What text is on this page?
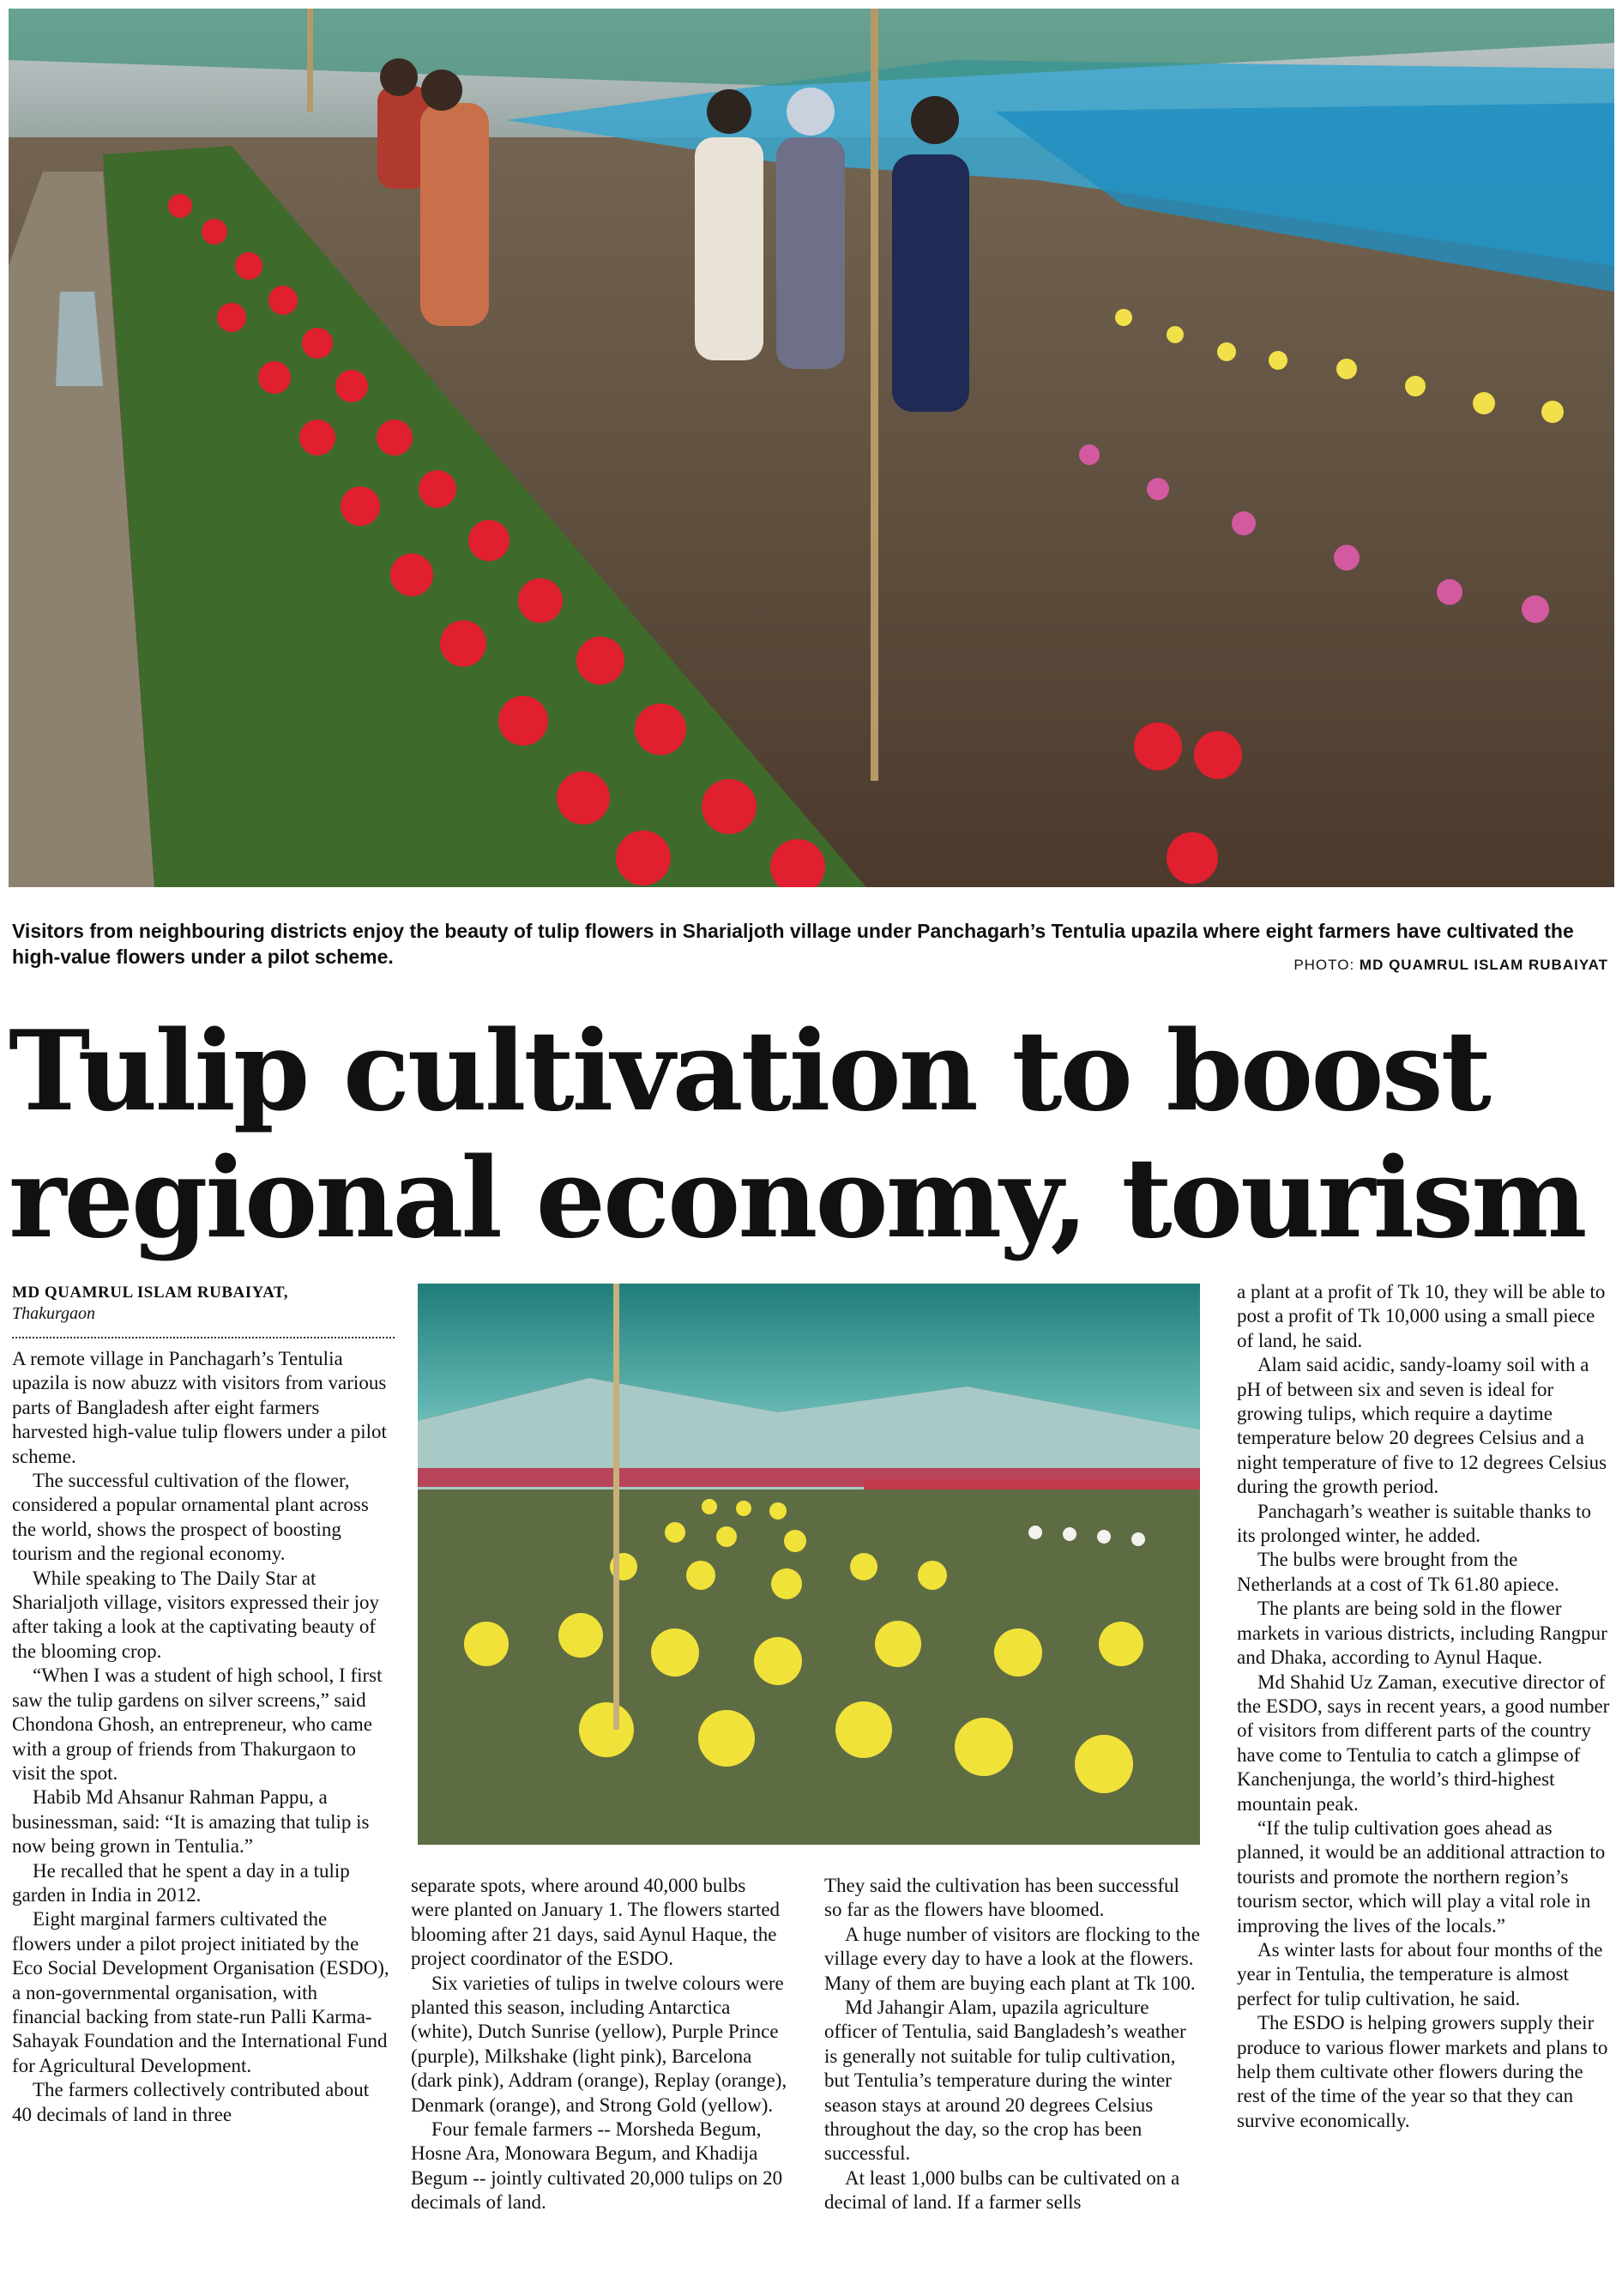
Visitors from neighbouring districts enjoy the beauty of tulip flowers in Sharialjoth village under Panchagarh’s Tentulia upazila where eight farmers have cultivated the high-value flowers under a pilot scheme.	PHOTO: MD QUAMRUL ISLAM RUBAIYAT
Tulip cultivation to boost
regional economy, tourism
MD QUAMRUL ISLAM RUBAIYAT,
Thakurgaon

A remote village in Panchagarh’s Tentulia upazila is now abuzz with visitors from various parts of Bangladesh after eight farmers harvested high-value tulip flowers under a pilot scheme.

The successful cultivation of the flower, considered a popular ornamental plant across the world, shows the prospect of boosting tourism and the regional economy.

While speaking to The Daily Star at Sharialjoth village, visitors expressed their joy after taking a look at the captivating beauty of the blooming crop.

“When I was a student of high school, I first saw the tulip gardens on silver screens,” said Chondona Ghosh, an entrepreneur, who came with a group of friends from Thakurgaon to visit the spot.

Habib Md Ahsanur Rahman Pappu, a businessman, said: “It is amazing that tulip is now being grown in Tentulia.”

He recalled that he spent a day in a tulip garden in India in 2012.

Eight marginal farmers cultivated the flowers under a pilot project initiated by the Eco Social Development Organisation (ESDO), a non-governmental organisation, with financial backing from state-run Palli Karma-Sahayak Foundation and the International Fund for Agricultural Development.

The farmers collectively contributed about 40 decimals of land in three

separate spots, where around 40,000 bulbs were planted on January 1. The flowers started blooming after 21 days, said Aynul Haque, the project coordinator of the ESDO.

Six varieties of tulips in twelve colours were planted this season, including Antarctica (white), Dutch Sunrise (yellow), Purple Prince (purple), Milkshake (light pink), Barcelona (dark pink), Addram (orange), Replay (orange), Denmark (orange), and Strong Gold (yellow).

Four female farmers -- Morsheda Begum, Hosne Ara, Monowara Begum, and Khadija Begum -- jointly cultivated 20,000 tulips on 20 decimals of land.

They said the cultivation has been successful so far as the flowers have bloomed.

A huge number of visitors are flocking to the village every day to have a look at the flowers. Many of them are buying each plant at Tk 100.

Md Jahangir Alam, upazila agriculture officer of Tentulia, said Bangladesh’s weather is generally not suitable for tulip cultivation, but Tentulia’s temperature during the winter season stays at around 20 degrees Celsius throughout the day, so the crop has been successful.

At least 1,000 bulbs can be cultivated on a decimal of land. If a farmer sells

a plant at a profit of Tk 10, they will be able to post a profit of Tk 10,000 using a small piece of land, he said.

Alam said acidic, sandy-loamy soil with a pH of between six and seven is ideal for growing tulips, which require a daytime temperature below 20 degrees Celsius and a night temperature of five to 12 degrees Celsius during the growth period.

Panchagarh’s weather is suitable thanks to its prolonged winter, he added.

The bulbs were brought from the Netherlands at a cost of Tk 61.80 apiece.

The plants are being sold in the flower markets in various districts, including Rangpur and Dhaka, according to Aynul Haque.

Md Shahid Uz Zaman, executive director of the ESDO, says in recent years, a good number of visitors from different parts of the country have come to Tentulia to catch a glimpse of Kanchenjunga, the world’s third-highest mountain peak.

“If the tulip cultivation goes ahead as planned, it would be an additional attraction to tourists and promote the northern region’s tourism sector, which will play a vital role in improving the lives of the locals.”

As winter lasts for about four months of the year in Tentulia, the temperature is almost perfect for tulip cultivation, he said.

The ESDO is helping growers supply their produce to various flower markets and plans to help them cultivate other flowers during the rest of the time of the year so that they can survive economically.
